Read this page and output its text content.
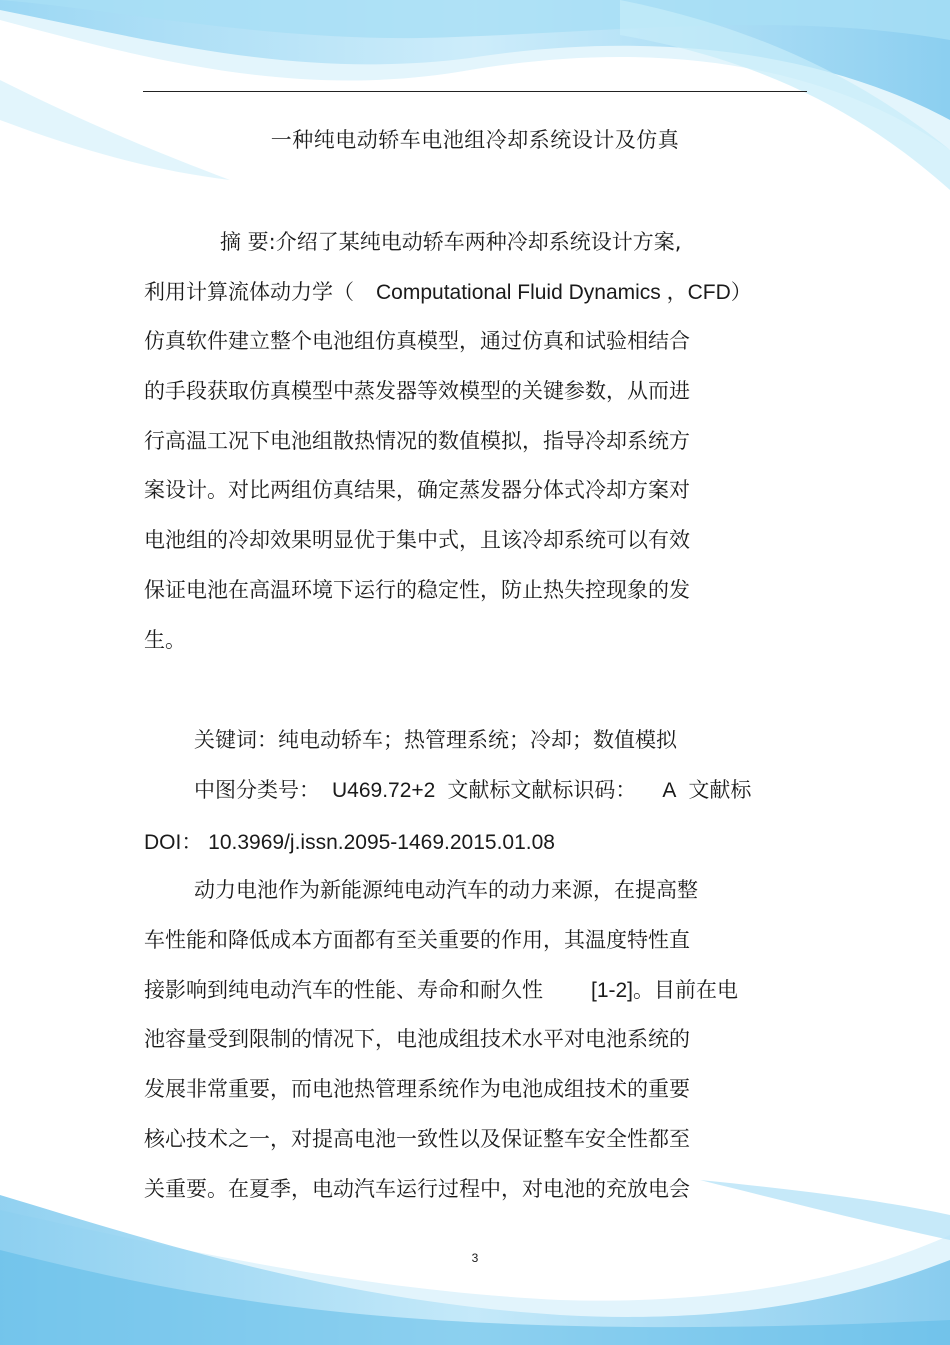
一种纯电动轿车电池组冷却系统设计及仿真
摘 要:介绍了某纯电动轿车两种冷却系统设计方案,
利用计算流体动力学（ Computational Fluid Dynamics ，CFD）
仿真软件建立整个电池组仿真模型，通过仿真和试验相结合
的手段获取仿真模型中蒸发器等效模型的关键参数，从而进
行高温工况下电池组散热情况的数值模拟，指导冷却系统方
案设计。对比两组仿真结果，确定蒸发器分体式冷却方案对
电池组的冷却效果明显优于集中式，且该冷却系统可以有效
保证电池在高温环境下运行的稳定性，防止热失控现象的发
生。
关键词：纯电动轿车；热管理系统；冷却；数值模拟
中图分类号： U469.72+2 文献标文献标识码： A 文献标
DOI： 10.3969/j.issn.2095-1469.2015.01.08
动力电池作为新能源纯电动汽车的动力来源，在提高整
车性能和降低成本方面都有至关重要的作用，其温度特性直
接影响到纯电动汽车的性能、寿命和耐久性 [1-2]。目前在电
池容量受到限制的情况下，电池成组技术水平对电池系统的
发展非常重要，而电池热管理系统作为电池成组技术的重要
核心技术之一，对提高电池一致性以及保证整车安全性都至
关重要。在夏季，电动汽车运行过程中，对电池的充放电会
3
